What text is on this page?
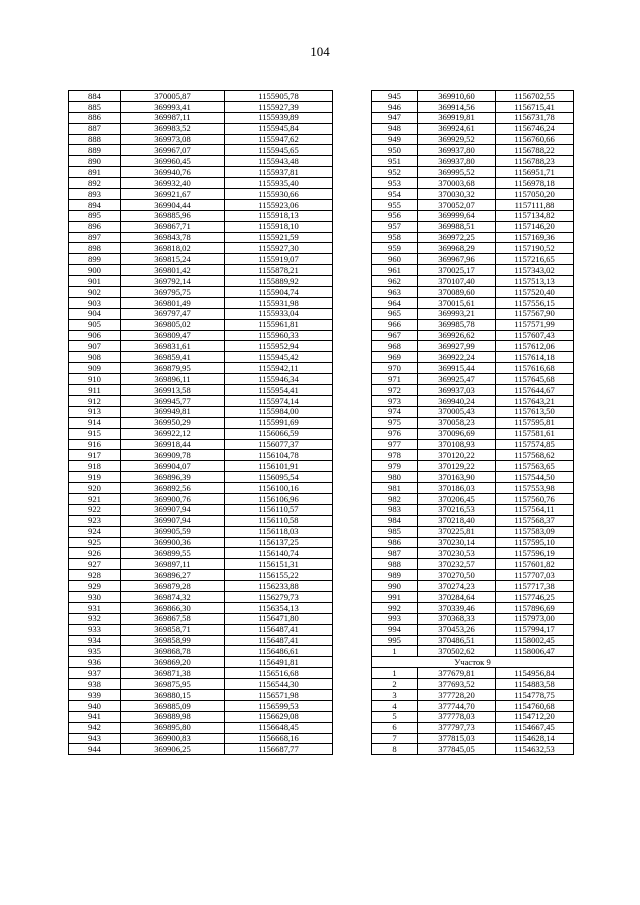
104
884	370005,87	1155905,78
885	369993,41	1155927,39
886	369987,11	1155939,89
887	369983,52	1155945,84
888	369973,08	1155947,62
889	369967,07	1155945,65
890	369960,45	1155943,48
891	369940,76	1155937,81
892	369932,40	1155935,40
893	369921,67	1155930,66
894	369904,44	1155923,06
895	369885,96	1155918,13
896	369867,71	1155918,10
897	369843,78	1155921,59
898	369818,02	1155927,30
899	369815,24	1155919,07
900	369801,42	1155878,21
901	369792,14	1155889,92
902	369795,75	1155904,74
903	369801,49	1155931,98
904	369797,47	1155933,04
905	369805,02	1155961,81
906	369809,47	1155960,33
907	369831,61	1155952,94
908	369859,41	1155945,42
909	369879,95	1155942,11
910	369896,11	1155946,34
911	369913,58	1155954,41
912	369945,77	1155974,14
913	369949,81	1155984,00
914	369950,29	1155991,69
915	369922,12	1156066,59
916	369918,44	1156077,37
917	369909,78	1156104,78
918	369904,07	1156101,91
919	369896,39	1156095,54
920	369892,56	1156100,16
921	369900,76	1156106,96
922	369907,94	1156110,57
923	369907,94	1156110,58
924	369905,59	1156118,03
925	369900,36	1156137,25
926	369899,55	1156140,74
927	369897,11	1156151,31
928	369896,27	1156155,22
929	369879,28	1156233,88
930	369874,32	1156279,73
931	369866,30	1156354,13
932	369867,58	1156471,80
933	369858,71	1156487,41
934	369858,99	1156487,41
935	369868,78	1156486,61
936	369869,20	1156491,81
937	369871,38	1156516,68
938	369875,95	1156544,30
939	369880,15	1156571,98
940	369885,09	1156599,53
941	369889,98	1156629,08
942	369895,80	1156648,45
943	369900,83	1156668,16
944	369906,25	1156687,77
945	369910,60	1156702,55
946	369914,56	1156715,41
947	369919,81	1156731,78
948	369924,61	1156746,24
949	369929,52	1156760,66
950	369937,80	1156788,22
951	369937,80	1156788,23
952	369995,52	1156951,71
953	370003,68	1156978,18
954	370030,32	1157050,20
955	370052,07	1157111,88
956	369999,64	1157134,82
957	369988,51	1157146,20
958	369972,25	1157169,36
959	369968,29	1157190,52
960	369967,96	1157216,65
961	370025,17	1157343,02
962	370107,40	1157513,13
963	370089,60	1157520,40
964	370015,61	1157556,15
965	369993,21	1157567,90
966	369985,78	1157571,99
967	369926,62	1157607,43
968	369927,99	1157612,06
969	369922,24	1157614,18
970	369915,44	1157616,68
971	369925,47	1157645,68
972	369937,03	1157644,67
973	369940,24	1157643,21
974	370005,43	1157613,50
975	370058,23	1157595,81
976	370096,69	1157581,61
977	370108,93	1157574,85
978	370120,22	1157568,62
979	370129,22	1157563,65
980	370163,90	1157544,50
981	370186,03	1157553,98
982	370206,45	1157560,76
983	370216,53	1157564,11
984	370218,40	1157568,37
985	370225,81	1157583,09
986	370230,14	1157595,10
987	370230,53	1157596,19
988	370232,57	1157601,82
989	370270,50	1157707,03
990	370274,23	1157717,38
991	370284,64	1157746,25
992	370339,46	1157896,69
993	370368,33	1157973,00
994	370453,26	1157994,17
995	370486,51	1158002,45
1	370502,62	1158006,47
Участок 9		
1	377679,81	1154956,84
2	377693,52	1154883,58
3	377728,20	1154778,75
4	377744,70	1154760,68
5	377778,03	1154712,20
6	377797,73	1154667,45
7	377815,03	1154628,14
8	377845,05	1154632,53
